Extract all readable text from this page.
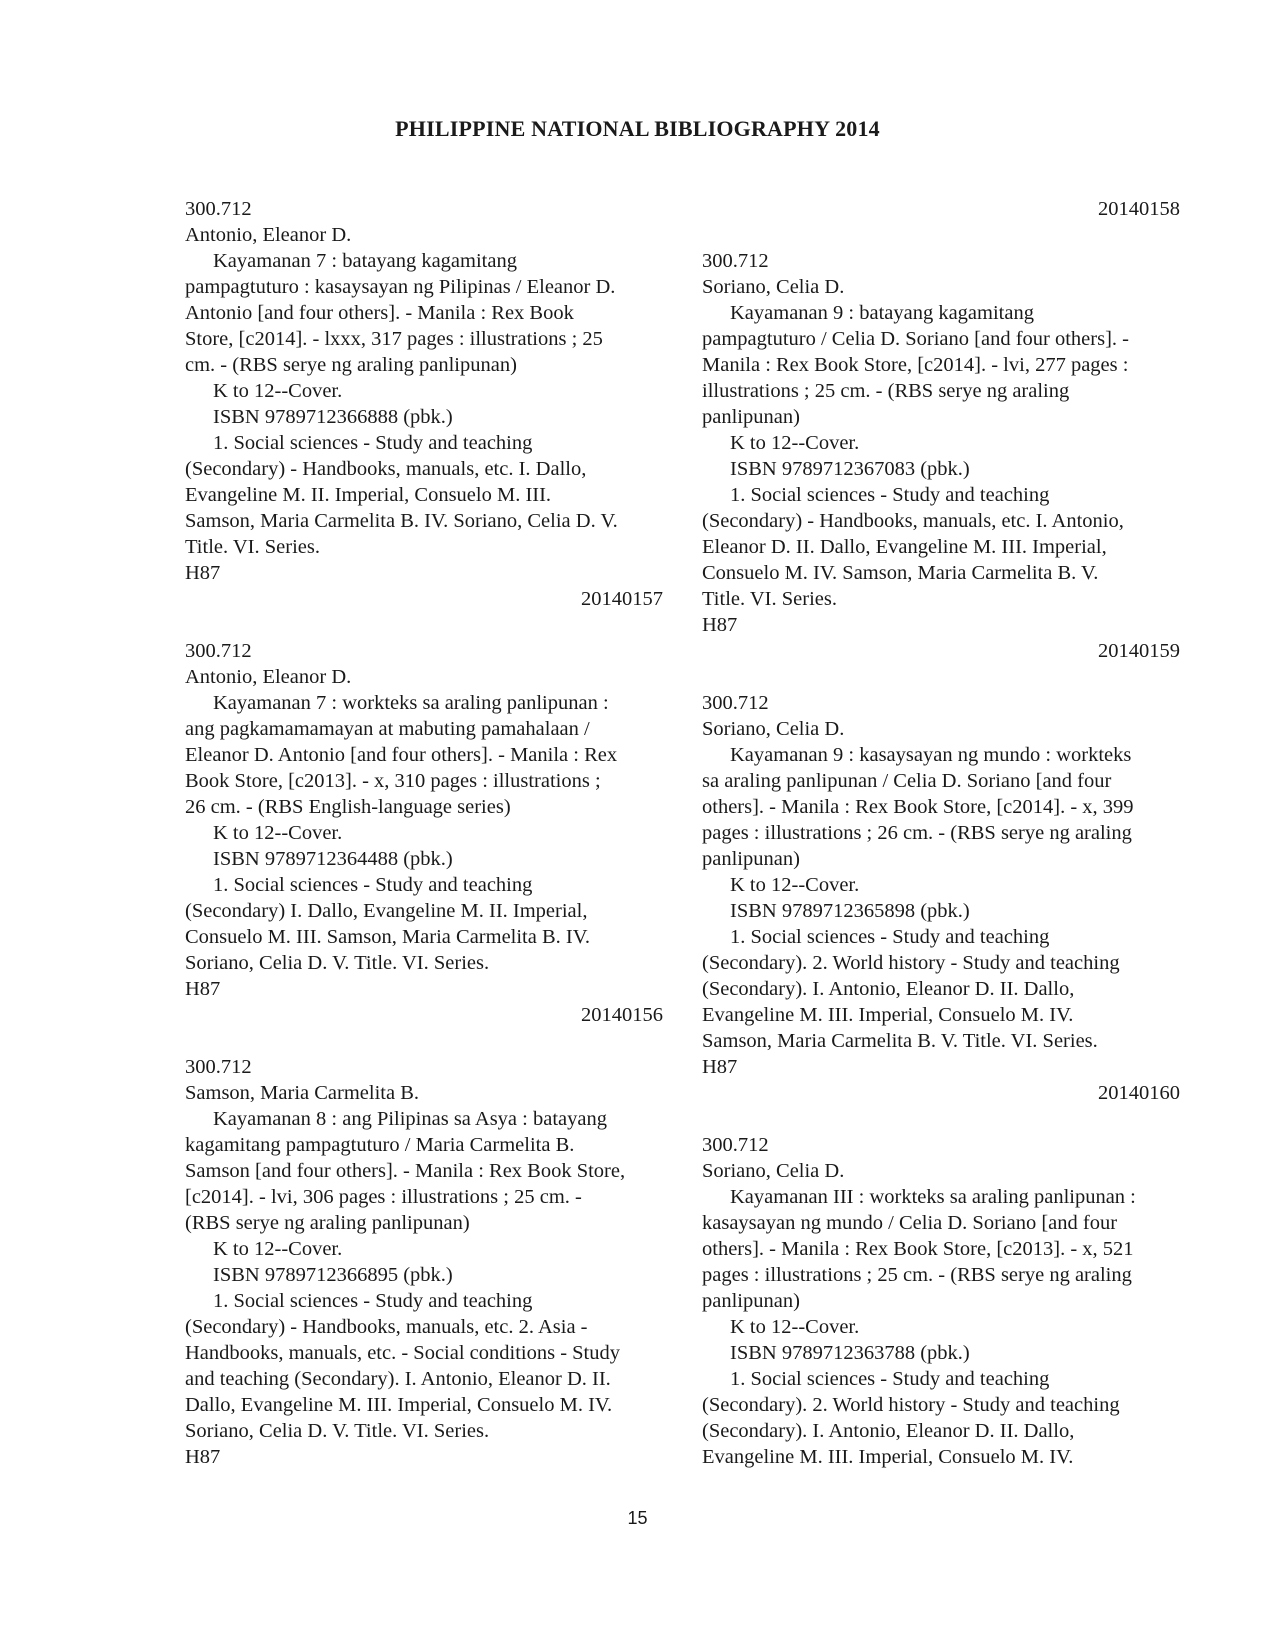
PHILIPPINE NATIONAL BIBLIOGRAPHY 2014
300.712
Antonio, Eleanor D.
Kayamanan 7 : batayang kagamitang
pampagtuturo : kasaysayan ng Pilipinas / Eleanor D.
Antonio [and four others]. - Manila : Rex Book
Store, [c2014]. - lxxx, 317 pages : illustrations ; 25
cm. - (RBS serye ng araling panlipunan)
K to 12--Cover.
ISBN 9789712366888 (pbk.)
1. Social sciences - Study and teaching
(Secondary) - Handbooks, manuals, etc. I. Dallo,
Evangeline M. II. Imperial, Consuelo M. III.
Samson, Maria Carmelita B. IV. Soriano, Celia D. V.
Title. VI. Series.
H87
20140157
300.712
Antonio, Eleanor D.
Kayamanan 7 : workteks sa araling panlipunan :
ang pagkamamamayan at mabuting pamahalaan /
Eleanor D. Antonio [and four others]. - Manila : Rex
Book Store, [c2013]. - x, 310 pages : illustrations ;
26 cm. - (RBS English-language series)
K to 12--Cover.
ISBN 9789712364488 (pbk.)
1. Social sciences - Study and teaching
(Secondary) I. Dallo, Evangeline M. II. Imperial,
Consuelo M. III. Samson, Maria Carmelita B. IV.
Soriano, Celia D. V. Title. VI. Series.
H87
20140156
300.712
Samson, Maria Carmelita B.
Kayamanan 8 : ang Pilipinas sa Asya : batayang
kagamitang pampagtuturo / Maria Carmelita B.
Samson [and four others]. - Manila : Rex Book Store,
[c2014]. - lvi, 306 pages : illustrations ; 25 cm. -
(RBS serye ng araling panlipunan)
K to 12--Cover.
ISBN 9789712366895 (pbk.)
1. Social sciences - Study and teaching
(Secondary) - Handbooks, manuals, etc. 2. Asia -
Handbooks, manuals, etc. - Social conditions - Study
and teaching (Secondary). I. Antonio, Eleanor D. II.
Dallo, Evangeline M. III. Imperial, Consuelo M. IV.
Soriano, Celia D. V. Title. VI. Series.
H87
20140158
300.712
Soriano, Celia D.
Kayamanan 9 : batayang kagamitang
pampagtuturo / Celia D. Soriano [and four others]. -
Manila : Rex Book Store, [c2014]. - lvi, 277 pages :
illustrations ; 25 cm. - (RBS serye ng araling
panlipunan)
K to 12--Cover.
ISBN 9789712367083 (pbk.)
1. Social sciences - Study and teaching
(Secondary) - Handbooks, manuals, etc. I. Antonio,
Eleanor D. II. Dallo, Evangeline M. III. Imperial,
Consuelo M. IV. Samson, Maria Carmelita B. V.
Title. VI. Series.
H87
20140159
300.712
Soriano, Celia D.
Kayamanan 9 : kasaysayan ng mundo : workteks
sa araling panlipunan / Celia D. Soriano [and four
others]. - Manila : Rex Book Store, [c2014]. - x, 399
pages : illustrations ; 26 cm. - (RBS serye ng araling
panlipunan)
K to 12--Cover.
ISBN 9789712365898 (pbk.)
1. Social sciences - Study and teaching
(Secondary). 2. World history - Study and teaching
(Secondary). I. Antonio, Eleanor D. II. Dallo,
Evangeline M. III. Imperial, Consuelo M. IV.
Samson, Maria Carmelita B. V. Title. VI. Series.
H87
20140160
300.712
Soriano, Celia D.
Kayamanan III : workteks sa araling panlipunan :
kasaysayan ng mundo / Celia D. Soriano [and four
others]. - Manila : Rex Book Store, [c2013]. - x, 521
pages : illustrations ; 25 cm. - (RBS serye ng araling
panlipunan)
K to 12--Cover.
ISBN 9789712363788 (pbk.)
1. Social sciences - Study and teaching
(Secondary). 2. World history - Study and teaching
(Secondary). I. Antonio, Eleanor D. II. Dallo,
Evangeline M. III. Imperial, Consuelo M. IV.
15
